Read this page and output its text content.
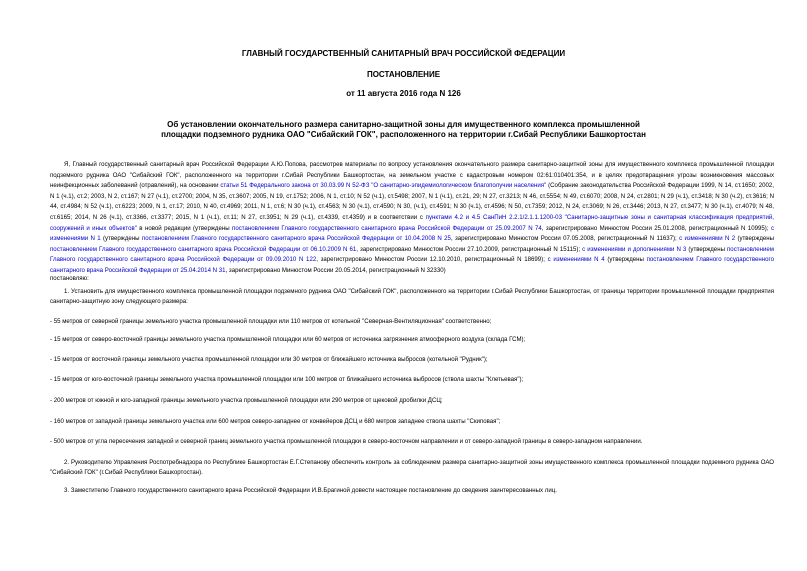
ГЛАВНЫЙ ГОСУДАРСТВЕННЫЙ САНИТАРНЫЙ ВРАЧ РОССИЙСКОЙ ФЕДЕРАЦИИ
ПОСТАНОВЛЕНИЕ
от 11 августа 2016 года N 126
Об установлении окончательного размера санитарно-защитной зоны для имущественного комплекса промышленной площадки подземного рудника ОАО "Сибайский ГОК", расположенного на территории г.Сибай Республики Башкортостан
Я, Главный государственный санитарный врач Российской Федерации А.Ю.Попова, рассмотрев материалы по вопросу установления окончательного размера санитарно-защитной зоны для имущественного комплекса промышленной площадки подземного рудника ОАО "Сибайский ГОК", расположенного на территории г.Сибай Республики Башкортостан, на земельном участке с кадастровым номером 02:61:010401:354, и в целях предотвращения угрозы возникновения массовых неинфекционных заболеваний (отравлений), на основании статьи 51 Федерального закона от 30.03.99 N 52-ФЗ "О санитарно-эпидемиологическом благополучии населения" (Собрание законодательства Российской Федерации 1999, N 14, ст.1650; 2002, N 1 (ч.1), ст.2; 2003, N 2, ст.167; N 27 (ч.1), ст.2700; 2004, N 35, ст.3607; 2005, N 19, ст.1752; 2006, N 1, ст.10; N 52 (ч.1), ст.5498; 2007, N 1 (ч.1), ст.21, 29; N 27, ст.3213; N 46, ст.5554; N 49, ст.6070; 2008, N 24, ст.2801; N 29 (ч.1), ст.3418; N 30 (ч.2), ст.3616; N 44, ст.4984; N 52 (ч.1), ст.6223; 2009, N 1, ст.17; 2010, N 40, ст.4969; 2011, N 1, ст.6; N 30 (ч.1), ст.4563; N 30 (ч.1), ст.4590; N 30, (ч.1), ст.4591; N 30 (ч.1), ст.4596; N 50, ст.7359; 2012, N 24, ст.3069; N 26, ст.3446; 2013, N 27, ст.3477; N 30 (ч.1), ст.4079; N 48, ст.6165; 2014, N 26 (ч.1), ст.3366, ст.3377; 2015, N 1 (ч.1), ст.11; N 27, ст.3951; N 29 (ч.1), ст.4339, ст.4359) и в соответствии с пунктами 4.2 и 4.5 СанПиН 2.2.1/2.1.1.1200-03 "Санитарно-защитные зоны и санитарная классификация предприятий, сооружений и иных объектов" в новой редакции (утверждены постановлением Главного государственного санитарного врача Российской Федерации от 25.09.2007 N 74, зарегистрировано Минюстом России 25.01.2008, регистрационный N 10995); с изменениями N 1 (утверждены постановлением Главного государственного санитарного врача Российской Федерации от 10.04.2008 N 25, зарегистрировано Минюстом России 07.05.2008, регистрационный N 11637); с изменениями N 2 (утверждены постановлением Главного государственного санитарного врача Российской Федерации от 06.10.2009 N 61, зарегистрировано Минюстом России 27.10.2009, регистрационный N 15115); с изменениями и дополнениями N 3 (утверждены постановлением Главного государственного санитарного врача Российской Федерации от 09.09.2010 N 122, зарегистрировано Минюстом России 12.10.2010, регистрационный N 18699); с изменениями N 4 (утверждены постановлением Главного государственного санитарного врача Российской Федерации от 25.04.2014 N 31, зарегистрировано Минюстом России 20.05.2014, регистрационный N 32330)
постановляю:
1. Установить для имущественного комплекса промышленной площадки подземного рудника ОАО "Сибайский ГОК", расположенного на территории г.Сибай Республики Башкортостан, от границы территории промышленной площадки предприятия санитарно-защитную зону следующего размера:
- 55 метров от северной границы земельного участка промышленной площадки или 110 метров от котельной "Северная-Вентиляционная" соответственно;
- 15 метров от северо-восточной границы земельного участка промышленной площадки или 60 метров от источника загрязнения атмосферного воздуха (склада ГСМ);
- 15 метров от восточной границы земельного участка промышленной площадки или 30 метров от ближайшего источника выбросов (котельной "Рудник");
- 15 метров от юго-восточной границы земельного участка промышленной площадки или 100 метров от ближайшего источника выбросов (ствола шахты "Клетьевая");
- 200 метров от южной и юго-западной границы земельного участка промышленной площадки или 290 метров от щековой дробилки ДСЦ;
- 160 метров от западной границы земельного участка или 600 метров северо-западнее от конвейеров ДСЦ и 680 метров западнее ствола шахты "Скиповая";
- 500 метров от угла пересечения западной и северной границ земельного участка промышленной площадки в северо-восточном направлении и от северо-западной границы в северо-западном направлении.
2. Руководителю Управления Роспотребнадзора по Республике Башкортостан Е.Г.Степанову обеспечить контроль за соблюдением размера санитарно-защитной зоны имущественного комплекса промышленной площадки подземного рудника ОАО "Сибайский ГОК" (г.Сибай Республики Башкортостан).
3. Заместителю Главного государственного санитарного врача Российской Федерации И.В.Брагиной довести настоящее постановление до сведения заинтересованных лиц.
